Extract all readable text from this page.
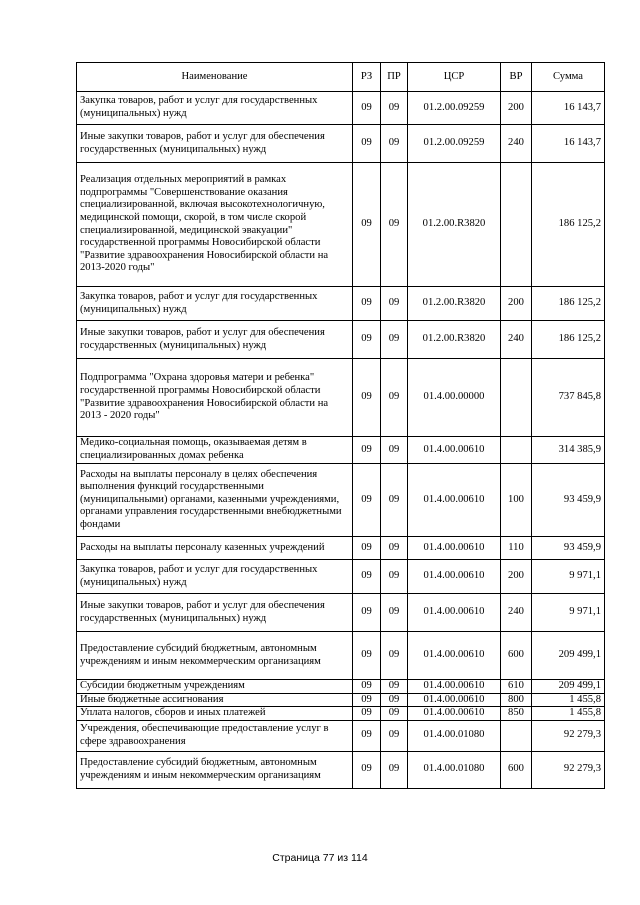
Наименование	РЗ	ПР	ЦСР	ВР	Сумма
Закупка товаров, работ и услуг для государственных (муниципальных) нужд	09	09	01.2.00.09259	200	16 143,7
Иные закупки товаров, работ и услуг для обеспечения государственных (муниципальных) нужд	09	09	01.2.00.09259	240	16 143,7
Реализация отдельных мероприятий в рамках подпрограммы "Совершенствование оказания специализированной, включая высокотехнологичную, медицинской помощи, скорой, в том числе скорой специализированной, медицинской эвакуации" государственной программы Новосибирской области "Развитие здравоохранения Новосибирской области на 2013-2020 годы"	09	09	01.2.00.R3820		186 125,2
Закупка товаров, работ и услуг для государственных (муниципальных) нужд	09	09	01.2.00.R3820	200	186 125,2
Иные закупки товаров, работ и услуг для обеспечения государственных (муниципальных) нужд	09	09	01.2.00.R3820	240	186 125,2
Подпрограмма "Охрана здоровья матери и ребенка" государственной программы Новосибирской области "Развитие здравоохранения Новосибирской области на 2013 - 2020 годы"	09	09	01.4.00.00000		737 845,8
Медико-социальная помощь, оказываемая детям в специализированных домах ребенка	09	09	01.4.00.00610		314 385,9
Расходы на выплаты персоналу в целях обеспечения выполнения функций государственными (муниципальными) органами, казенными учреждениями, органами управления государственными внебюджетными фондами	09	09	01.4.00.00610	100	93 459,9
Расходы на выплаты персоналу казенных учреждений	09	09	01.4.00.00610	110	93 459,9
Закупка товаров, работ и услуг для государственных (муниципальных) нужд	09	09	01.4.00.00610	200	9 971,1
Иные закупки товаров, работ и услуг для обеспечения государственных (муниципальных) нужд	09	09	01.4.00.00610	240	9 971,1
Предоставление субсидий бюджетным, автономным учреждениям и иным некоммерческим организациям	09	09	01.4.00.00610	600	209 499,1
Субсидии бюджетным учреждениям	09	09	01.4.00.00610	610	209 499,1
Иные бюджетные ассигнования	09	09	01.4.00.00610	800	1 455,8
Уплата налогов, сборов и иных платежей	09	09	01.4.00.00610	850	1 455,8
Учреждения, обеспечивающие предоставление услуг в сфере здравоохранения	09	09	01.4.00.01080		92 279,3
Предоставление субсидий бюджетным, автономным учреждениям и иным некоммерческим организациям	09	09	01.4.00.01080	600	92 279,3
Страница 77 из 114
